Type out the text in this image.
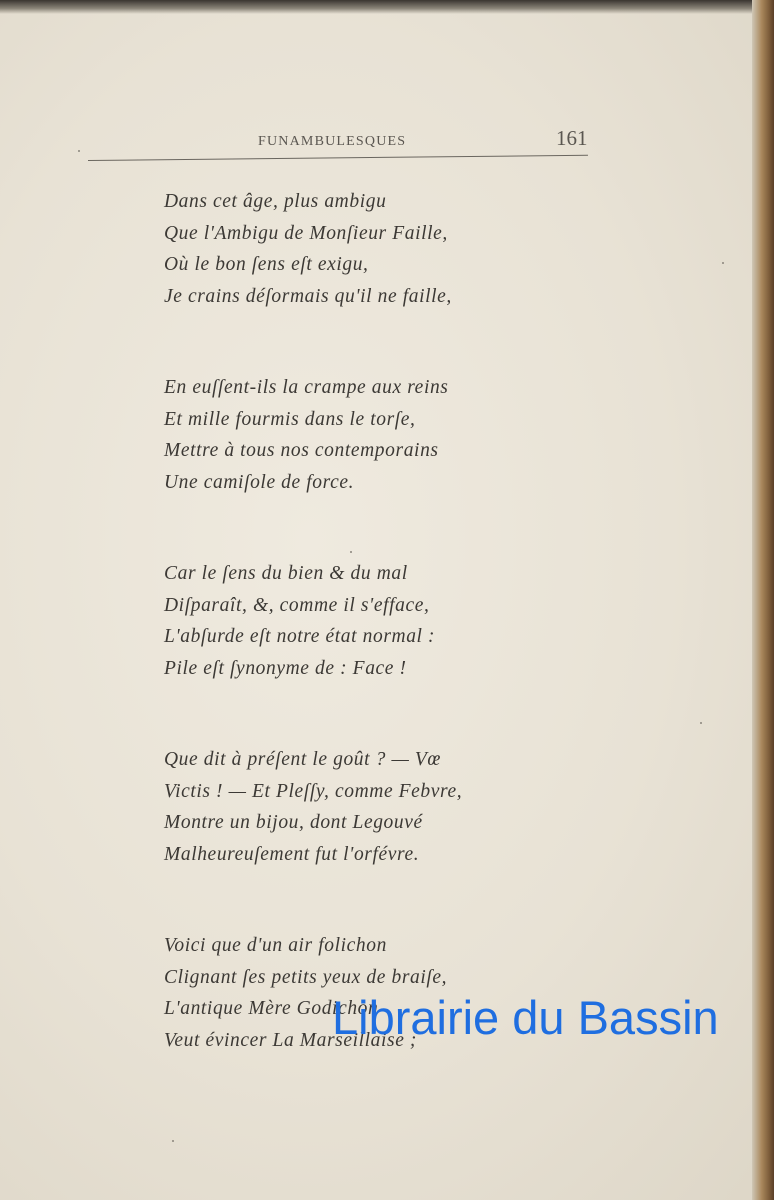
FUNAMBULESQUES	161
Dans cet âge, plus ambigu
Que l'Ambigu de Monſieur Faille,
Où le bon ſens eſt exigu,
Je crains déſormais qu'il ne faille,
En euſſent-ils la crampe aux reins
Et mille fourmis dans le torſe,
Mettre à tous nos contemporains
Une camiſole de force.
Car le ſens du bien & du mal
Diſparaît, &, comme il s'efface,
L'abſurde eſt notre état normal :
Pile eſt ſynonyme de : Face !
Que dit à préſent le goût ? — Vœ
Victis ! — Et Pleſſy, comme Febvre,
Montre un bijou, dont Legouvé
Malheureuſement fut l'orfévre.
Voici que d'un air folichon
Clignant ſes petits yeux de braiſe,
L'antique Mère Godichon
Veut évincer La Marseillaise ;
Librairie du Bassin
